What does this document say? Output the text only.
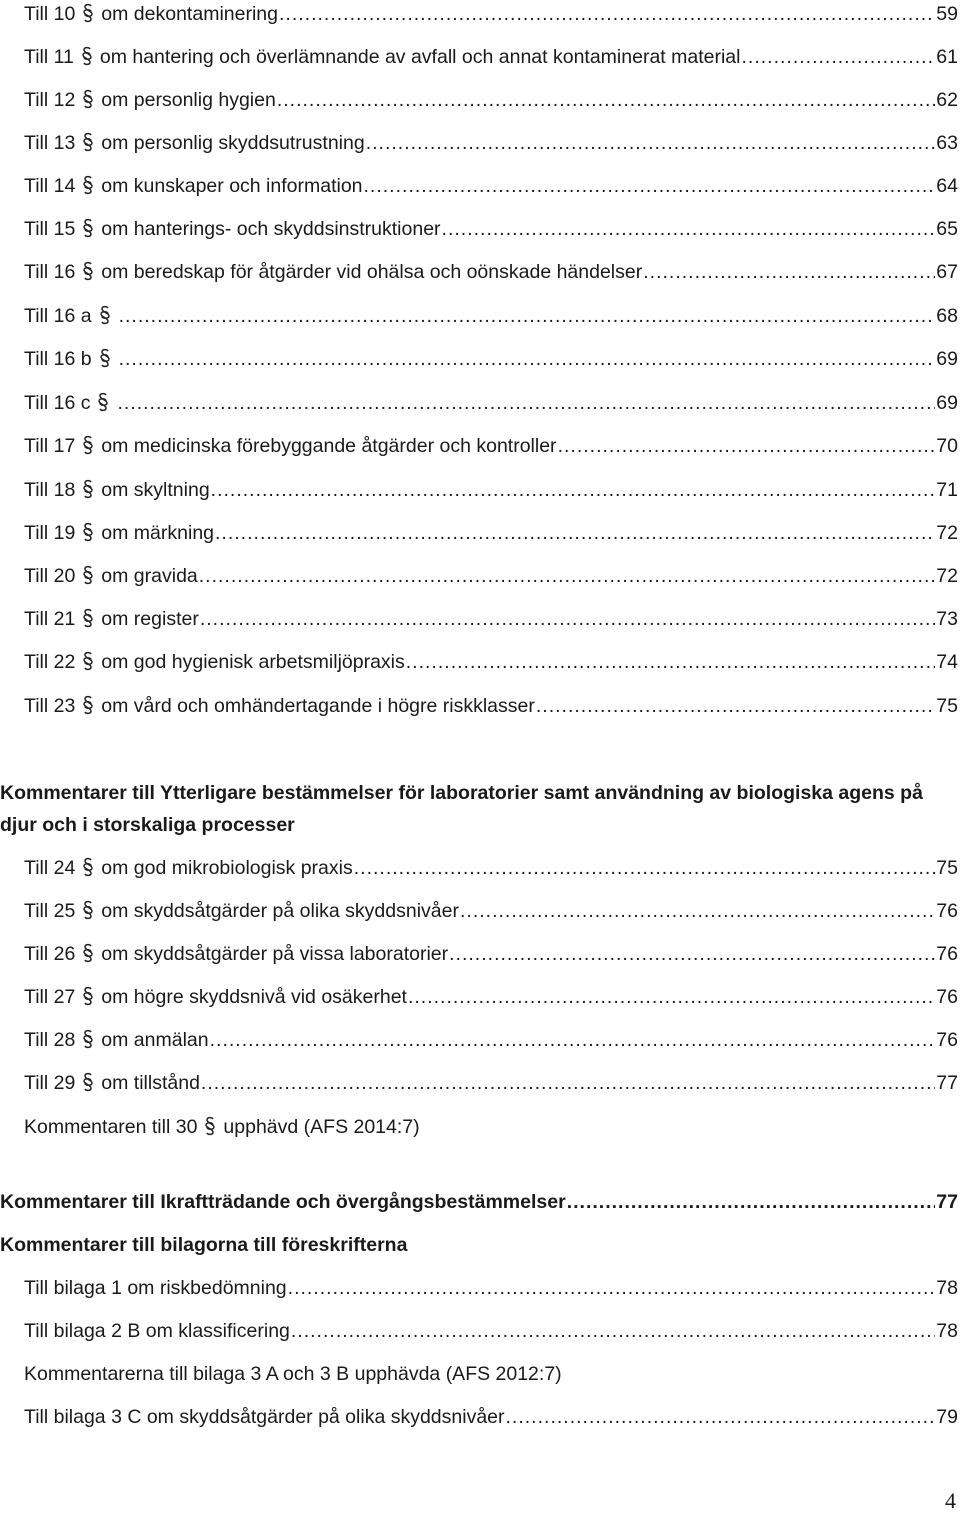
Till 10 om dekontaminering .....	59
Till 11 om hantering och överlämnande av avfall och annat kontaminerat material .....	61
Till 12 om personlig hygien .....	62
Till 13 om personlig skyddsutrustning .....	63
Till 14 om kunskaper och information .....	64
Till 15 om hanterings- och skyddsinstruktioner .....	65
Till 16 om beredskap för åtgärder vid ohälsa och oönskade händelser .....	67
Till 16 a .....	68
Till 16 b .....	69
Till 16 c .....	69
Till 17 om medicinska förebyggande åtgärder och kontroller .....	70
Till 18 om skyltning .....	71
Till 19 om märkning .....	72
Till 20 om gravida .....	72
Till 21 om register .....	73
Till 22 om god hygienisk arbetsmiljöpraxis .....	74
Till 23 om vård och omhändertagande i högre riskklasser .....	75
Kommentarer till Ytterligare bestämmelser för laboratorier samt användning av biologiska agens på djur och i storskaliga processer
Till 24 om god mikrobiologisk praxis .....	75
Till 25 om skyddsåtgärder på olika skyddsnivåer .....	76
Till 26 om skyddsåtgärder på vissa laboratorier .....	76
Till 27 om högre skyddsnivå vid osäkerhet .....	76
Till 28 om anmälan .....	76
Till 29 om tillstånd .....	77
Kommentaren till 30 upphävd (AFS 2014:7)
Kommentarer till Ikraftträdande och övergångsbestämmelser .....	77
Kommentarer till bilagorna till föreskrifterna
Till bilaga 1 om riskbedömning .....	78
Till bilaga 2 B om klassificering .....	78
Kommentarerna till bilaga 3 A och 3 B upphävda (AFS 2012:7)
Till bilaga 3 C om skyddsåtgärder på olika skyddsnivåer .....	79
4
